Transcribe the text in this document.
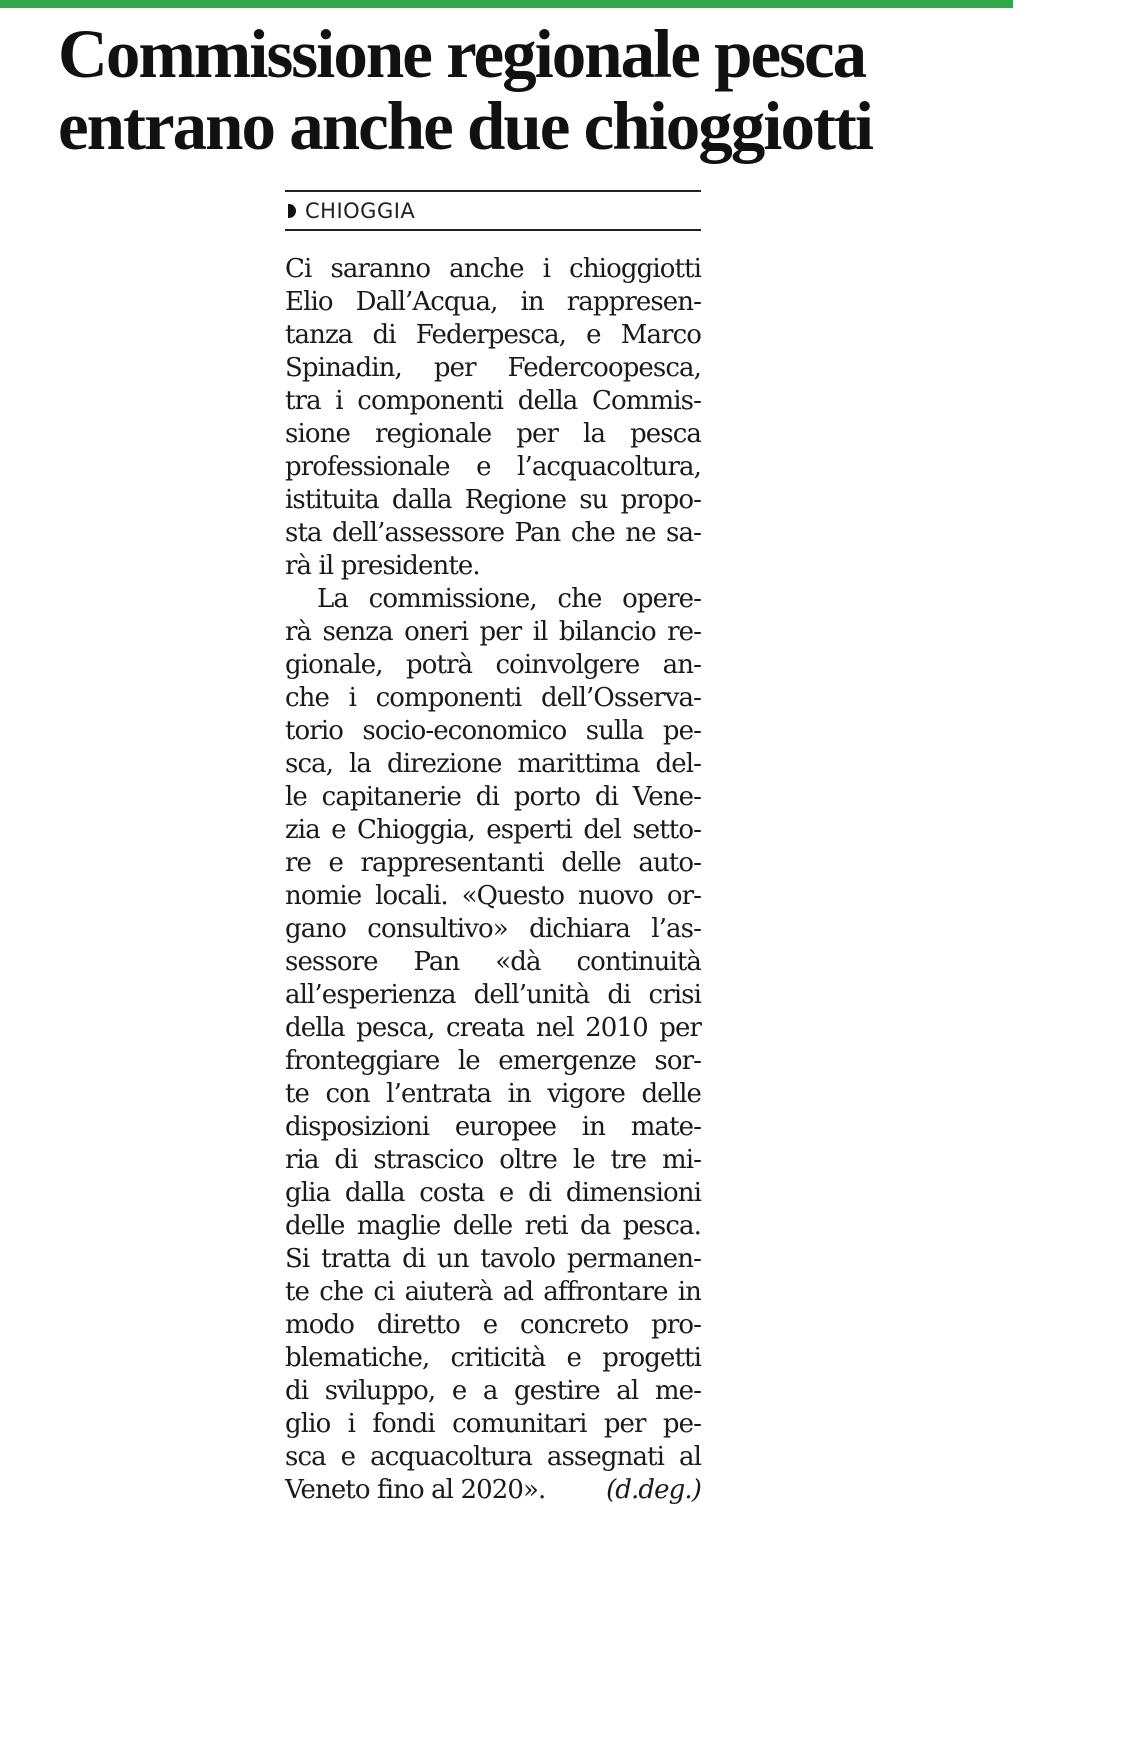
Commissione regionale pesca
entrano anche due chioggiotti
CHIOGGIA

Ci saranno anche i chioggiotti
Elio Dall’Acqua, in rappresen-
tanza di Federpesca, e Marco
Spinadin, per Federcoopesca,
tra i componenti della Commis-
sione regionale per la pesca
professionale e l’acquacoltura,
istituita dalla Regione su propo-
sta dell’assessore Pan che ne sa-
rà il presidente.

La commissione, che opere-
rà senza oneri per il bilancio re-
gionale, potrà coinvolgere an-
che i componenti dell’Osserva-
torio socio-economico sulla pe-
sca, la direzione marittima del-
le capitanerie di porto di Vene-
zia e Chioggia, esperti del setto-
re e rappresentanti delle auto-
nomie locali. «Questo nuovo or-
gano consultivo» dichiara l’as-
sessore Pan «dà continuità
all’esperienza dell’unità di crisi
della pesca, creata nel 2010 per
fronteggiare le emergenze sor-
te con l’entrata in vigore delle
disposizioni europee in mate-
ria di strascico oltre le tre mi-
glia dalla costa e di dimensioni
delle maglie delle reti da pesca.
Si tratta di un tavolo permanen-
te che ci aiuterà ad affrontare in
modo diretto e concreto pro-
blematiche, criticità e progetti
di sviluppo, e a gestire al me-
glio i fondi comunitari per pe-
sca e acquacoltura assegnati al
Veneto fino al 2020». (d.deg.)
